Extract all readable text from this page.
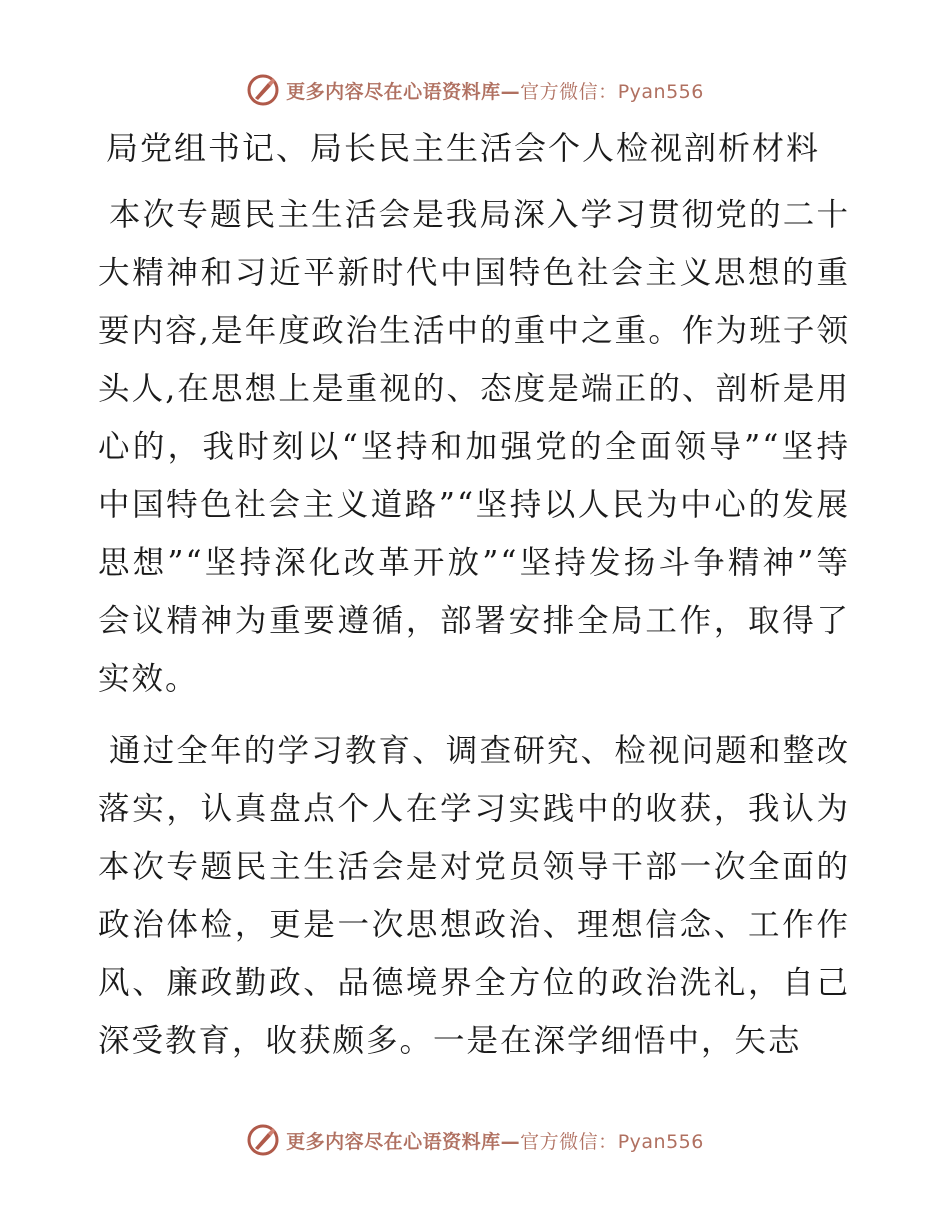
更多内容尽在心语资料库—官方微信：Pyan556
局党组书记、局长民主生活会个人检视剖析材料

本次专题民主生活会是我局深入学习贯彻党的二十大精神和习近平新时代中国特色社会主义思想的重要内容,是年度政治生活中的重中之重。作为班子领头人,在思想上是重视的、态度是端正的、剖析是用心的，我时刻以“坚持和加强党的全面领导”“坚持中国特色社会主义道路”“坚持以人民为中心的发展思想”“坚持深化改革开放”“坚持发扬斗争精神”等会议精神为重要遵循，部署安排全局工作，取得了实效。

通过全年的学习教育、调查研究、检视问题和整改落实，认真盘点个人在学习实践中的收获，我认为本次专题民主生活会是对党员领导干部一次全面的政治体检，更是一次思想政治、理想信念、工作作风、廉政勤政、品德境界全方位的政治洗礼，自己深受教育，收获颇多。一是在深学细悟中，矢志

更多内容尽在心语资料库—官方微信：Pyan556
